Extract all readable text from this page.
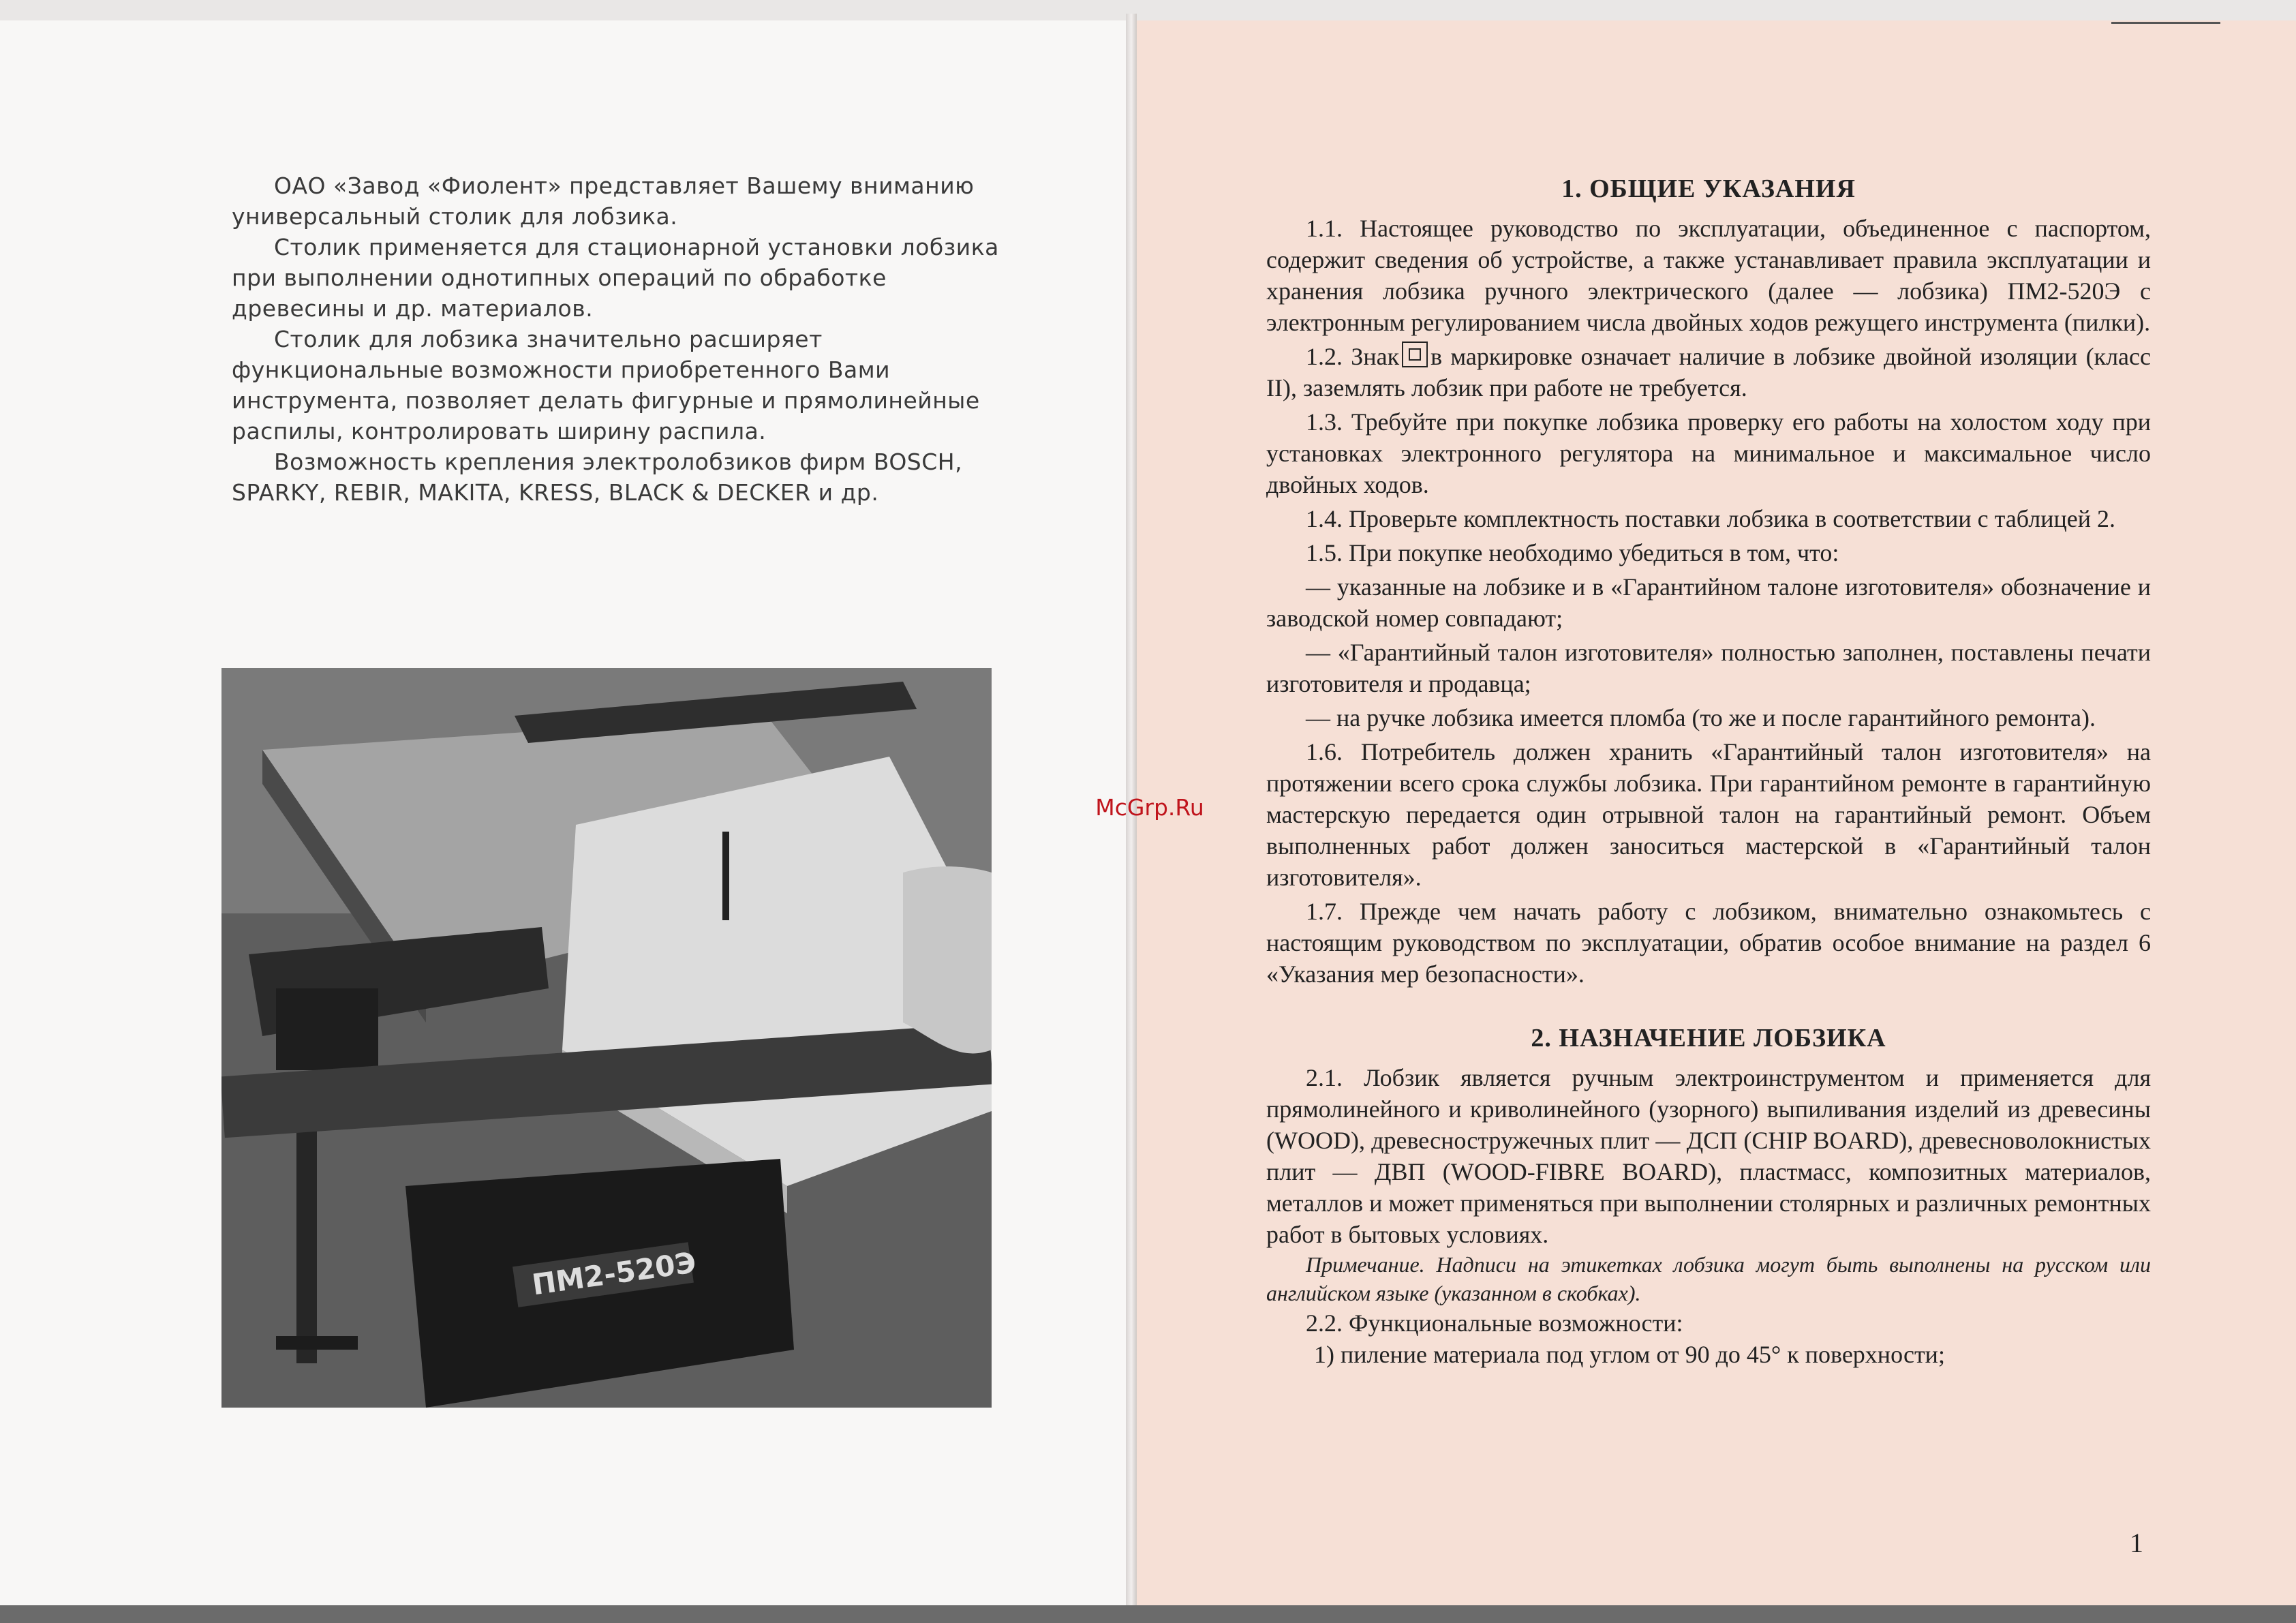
ОАО «Завод «Фиолент» представляет Вашему вниманию

универсальный столик для лобзика.

Столик применяется для стационарной установки лобзика

при выполнении однотипных операций по обработке

древесины и др. материалов.

Столик для лобзика значительно расширяет

функциональные возможности приобретенного Вами

инструмента, позволяет делать фигурные и прямолинейные

распилы, контролировать ширину распила.

Возможность крепления электролобзиков фирм BOSCH,

SPARKY, REBIR, MAKITA, KRESS, BLACK & DECKER и др.

ПМ2-520Э
McGrp.Ru
1. ОБЩИЕ УКАЗАНИЯ

1.1. Настоящее руководство по эксплуатации, объединенное с паспортом, содержит сведения об устройстве, а также устанавливает правила эксплуатации и хранения лобзика ручного электрического (далее — лобзика) ПМ2-520Э с электронным регулированием числа двойных ходов режущего инструмента (пилки).

1.2. Знак в маркировке означает наличие в лобзике двойной изоляции (класс II), заземлять лобзик при работе не требуется.

1.3. Требуйте при покупке лобзика проверку его работы на холостом ходу при установках электронного регулятора на минимальное и максимальное число двойных ходов.

1.4. Проверьте комплектность поставки лобзика в соответствии с таблицей 2.

1.5. При покупке необходимо убедиться в том, что:

— указанные на лобзике и в «Гарантийном талоне изготовителя» обозначение и заводской номер совпадают;

— «Гарантийный талон изготовителя» полностью заполнен, поставлены печати изготовителя и продавца;

— на ручке лобзика имеется пломба (то же и после гарантийного ремонта).

1.6. Потребитель должен хранить «Гарантийный талон изготовителя» на протяжении всего срока службы лобзика. При гарантийном ремонте в гарантийную мастерскую передается один отрывной талон на гарантийный ремонт. Объем выполненных работ должен заноситься мастерской в «Гарантийный талон изготовителя».

1.7. Прежде чем начать работу с лобзиком, внимательно ознакомьтесь с настоящим руководством по эксплуатации, обратив особое внимание на раздел 6 «Указания мер безопасности».

2. НАЗНАЧЕНИЕ ЛОБЗИКА

2.1. Лобзик является ручным электроинструментом и применяется для прямолинейного и криволинейного (узорного) выпиливания изделий из древесины (WOOD), древесностружечных плит — ДСП (CHIP BOARD), древесноволокнистых плит — ДВП (WOOD-FIBRE BOARD), пластмасс, композитных материалов, металлов и может применяться при выполнении столярных и различных ремонтных работ в бытовых условиях.

Примечание. Надписи на этикетках лобзика могут быть выполнены на русском или английском языке (указанном в скобках).

2.2. Функциональные возможности:

1) пиление материала под углом от 90 до 45° к поверхности;

1
